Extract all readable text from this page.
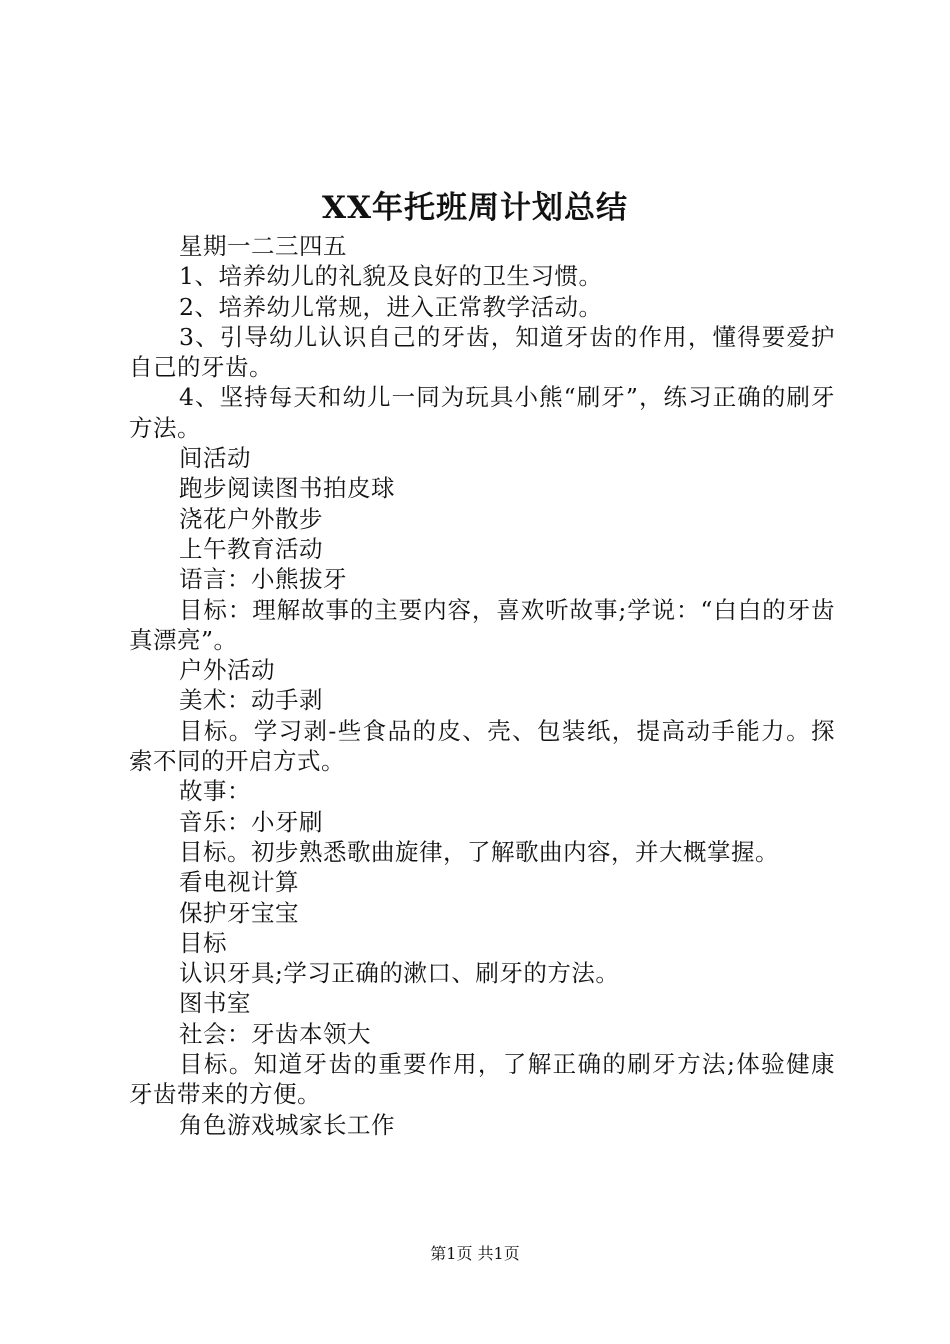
XX年托班周计划总结

星期一二三四五

1、培养幼儿的礼貌及良好的卫生习惯。

2、培养幼儿常规，进入正常教学活动。

3、引导幼儿认识自己的牙齿，知道牙齿的作用，懂得要爱护自己的牙齿。

4、坚持每天和幼儿一同为玩具小熊“刷牙”，练习正确的刷牙方法。

间活动

跑步阅读图书拍皮球

浇花户外散步

上午教育活动

语言：小熊拔牙

目标：理解故事的主要内容，喜欢听故事;学说：“白白的牙齿真漂亮”。

户外活动

美术：动手剥

目标。学习剥-些食品的皮、壳、包装纸，提高动手能力。探索不同的开启方式。

故事：

音乐：小牙刷

目标。初步熟悉歌曲旋律，了解歌曲内容，并大概掌握。

看电视计算

保护牙宝宝

目标

认识牙具;学习正确的漱口、刷牙的方法。

图书室

社会：牙齿本领大

目标。知道牙齿的重要作用，了解正确的刷牙方法;体验健康牙齿带来的方便。

角色游戏城家长工作

第1页 共1页
